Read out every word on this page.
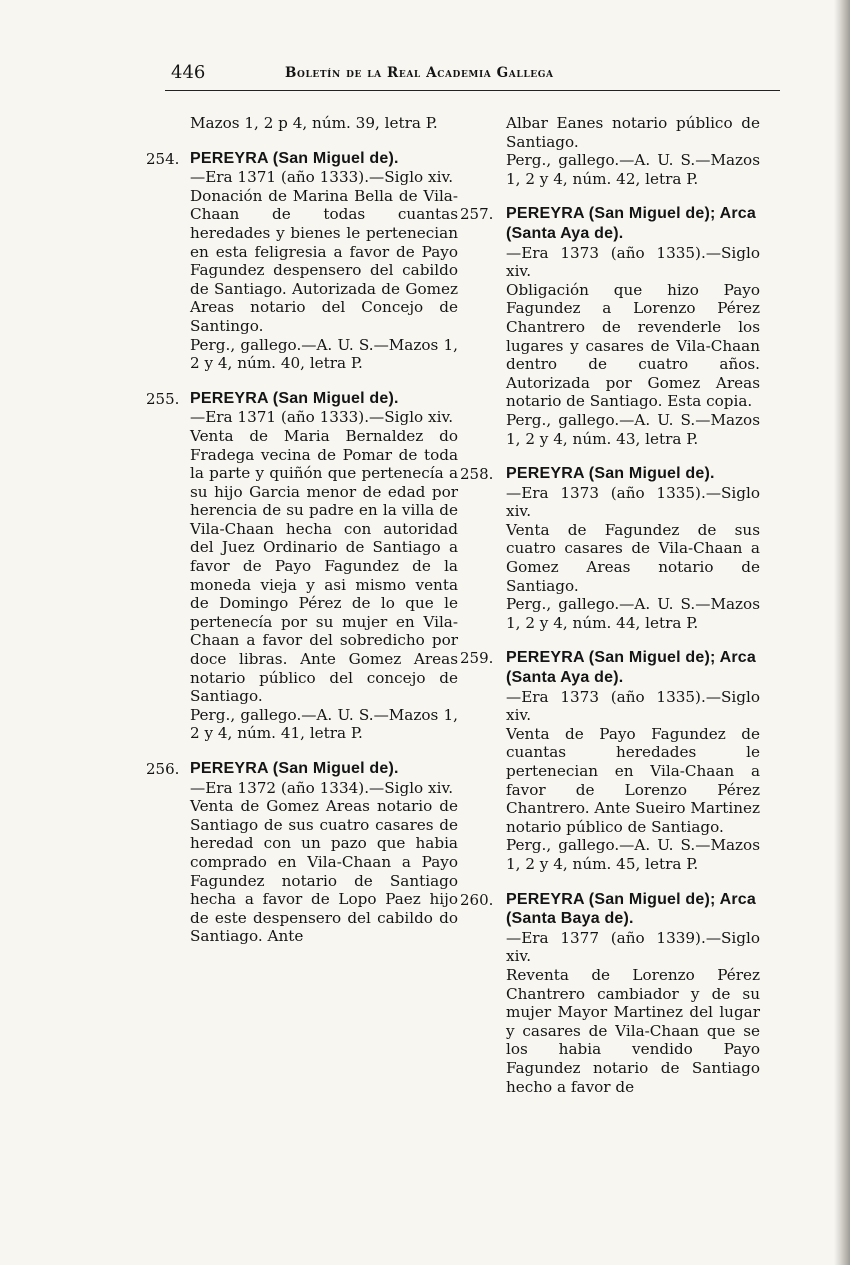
446	Boletín de la Real Academia Gallega
Mazos 1, 2 p 4, núm. 39, letra P.
254. PEREYRA (San Miguel de).
—Era 1371 (año 1333).—Siglo xiv.
Donación de Marina Bella de Vila-Chaan de todas cuantas heredades y bienes le pertenecian en esta feligresia a favor de Payo Fagundez despensero del cabildo de Santiago. Autorizada de Gomez Areas notario del Concejo de Santingo.
Perg., gallego.—A. U. S.—Mazos 1, 2 y 4, núm. 40, letra P.
255. PEREYRA (San Miguel de).
—Era 1371 (año 1333).—Siglo xiv.
Venta de Maria Bernaldez do Fradega vecina de Pomar de toda la parte y quiñón que pertenecía a su hijo Garcia menor de edad por herencia de su padre en la villa de Vila-Chaan hecha con autoridad del Juez Ordinario de Santiago a favor de Payo Fagundez de la moneda vieja y asi mismo venta de Domingo Pérez de lo que le pertenecía por su mujer en Vila-Chaan a favor del sobredicho por doce libras. Ante Gomez Areas notario público del concejo de Santiago.
Perg., gallego.—A. U. S.—Mazos 1, 2 y 4, núm. 41, letra P.
256. PEREYRA (San Miguel de).
—Era 1372 (año 1334).—Siglo xiv.
Venta de Gomez Areas notario de Santiago de sus cuatro casares de heredad con un pazo que habia comprado en Vila-Chaan a Payo Fagundez notario de Santiago hecha a favor de Lopo Paez hijo de este despensero del cabildo do Santiago. Ante
Albar Eanes notario público de Santiago.
Perg., gallego.—A. U. S.—Mazos 1, 2 y 4, núm. 42, letra P.
257. PEREYRA (San Miguel de); Arca (Santa Aya de).
—Era 1373 (año 1335).—Siglo xiv.
Obligación que hizo Payo Fagundez a Lorenzo Pérez Chantrero de revenderle los lugares y casares de Vila-Chaan dentro de cuatro años. Autorizada por Gomez Areas notario de Santiago. Esta copia.
Perg., gallego.—A. U. S.—Mazos 1, 2 y 4, núm. 43, letra P.
258. PEREYRA (San Miguel de).
—Era 1373 (año 1335).—Siglo xiv.
Venta de Fagundez de sus cuatro casares de Vila-Chaan a Gomez Areas notario de Santiago.
Perg., gallego.—A. U. S.—Mazos 1, 2 y 4, núm. 44, letra P.
259. PEREYRA (San Miguel de); Arca (Santa Aya de).
—Era 1373 (año 1335).—Siglo xiv.
Venta de Payo Fagundez de cuantas heredades le pertenecian en Vila-Chaan a favor de Lorenzo Pérez Chantrero. Ante Sueiro Martinez notario público de Santiago.
Perg., gallego.—A. U. S.—Mazos 1, 2 y 4, núm. 45, letra P.
260. PEREYRA (San Miguel de); Arca (Santa Baya de).
—Era 1377 (año 1339).—Siglo xiv.
Reventa de Lorenzo Pérez Chantrero cambiador y de su mujer Mayor Martinez del lugar y casares de Vila-Chaan que se los habia vendido Payo Fagundez notario de Santiago hecho a favor de
